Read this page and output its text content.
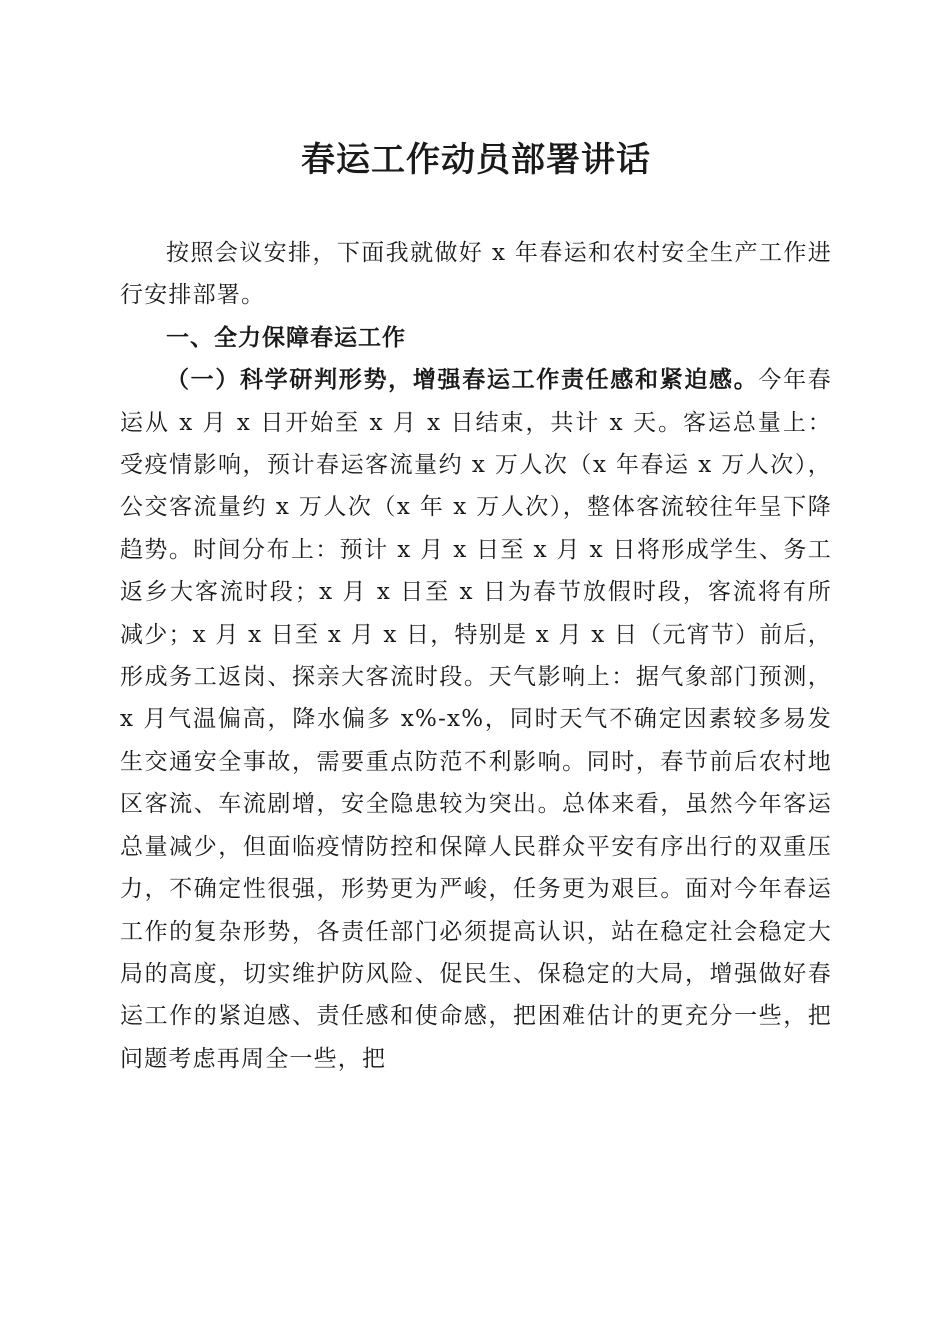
春运工作动员部署讲话

按照会议安排，下面我就做好 x 年春运和农村安全生产工作进行安排部署。

一、全力保障春运工作

（一）科学研判形势，增强春运工作责任感和紧迫感。今年春运从 x 月 x 日开始至 x 月 x 日结束，共计 x 天。客运总量上：受疫情影响，预计春运客流量约 x 万人次（x 年春运 x 万人次），公交客流量约 x 万人次（x 年 x 万人次），整体客流较往年呈下降趋势。时间分布上：预计 x 月 x 日至 x 月 x 日将形成学生、务工返乡大客流时段；x 月 x 日至 x 日为春节放假时段，客流将有所减少；x 月 x 日至 x 月 x 日，特别是 x 月 x 日（元宵节）前后，形成务工返岗、探亲大客流时段。天气影响上：据气象部门预测，x 月气温偏高，降水偏多 x%-x%，同时天气不确定因素较多易发生交通安全事故，需要重点防范不利影响。同时，春节前后农村地区客流、车流剧增，安全隐患较为突出。总体来看，虽然今年客运总量减少，但面临疫情防控和保障人民群众平安有序出行的双重压力，不确定性很强，形势更为严峻，任务更为艰巨。面对今年春运工作的复杂形势，各责任部门必须提高认识，站在稳定社会稳定大局的高度，切实维护防风险、促民生、保稳定的大局，增强做好春运工作的紧迫感、责任感和使命感，把困难估计的更充分一些，把问题考虑再周全一些，把
